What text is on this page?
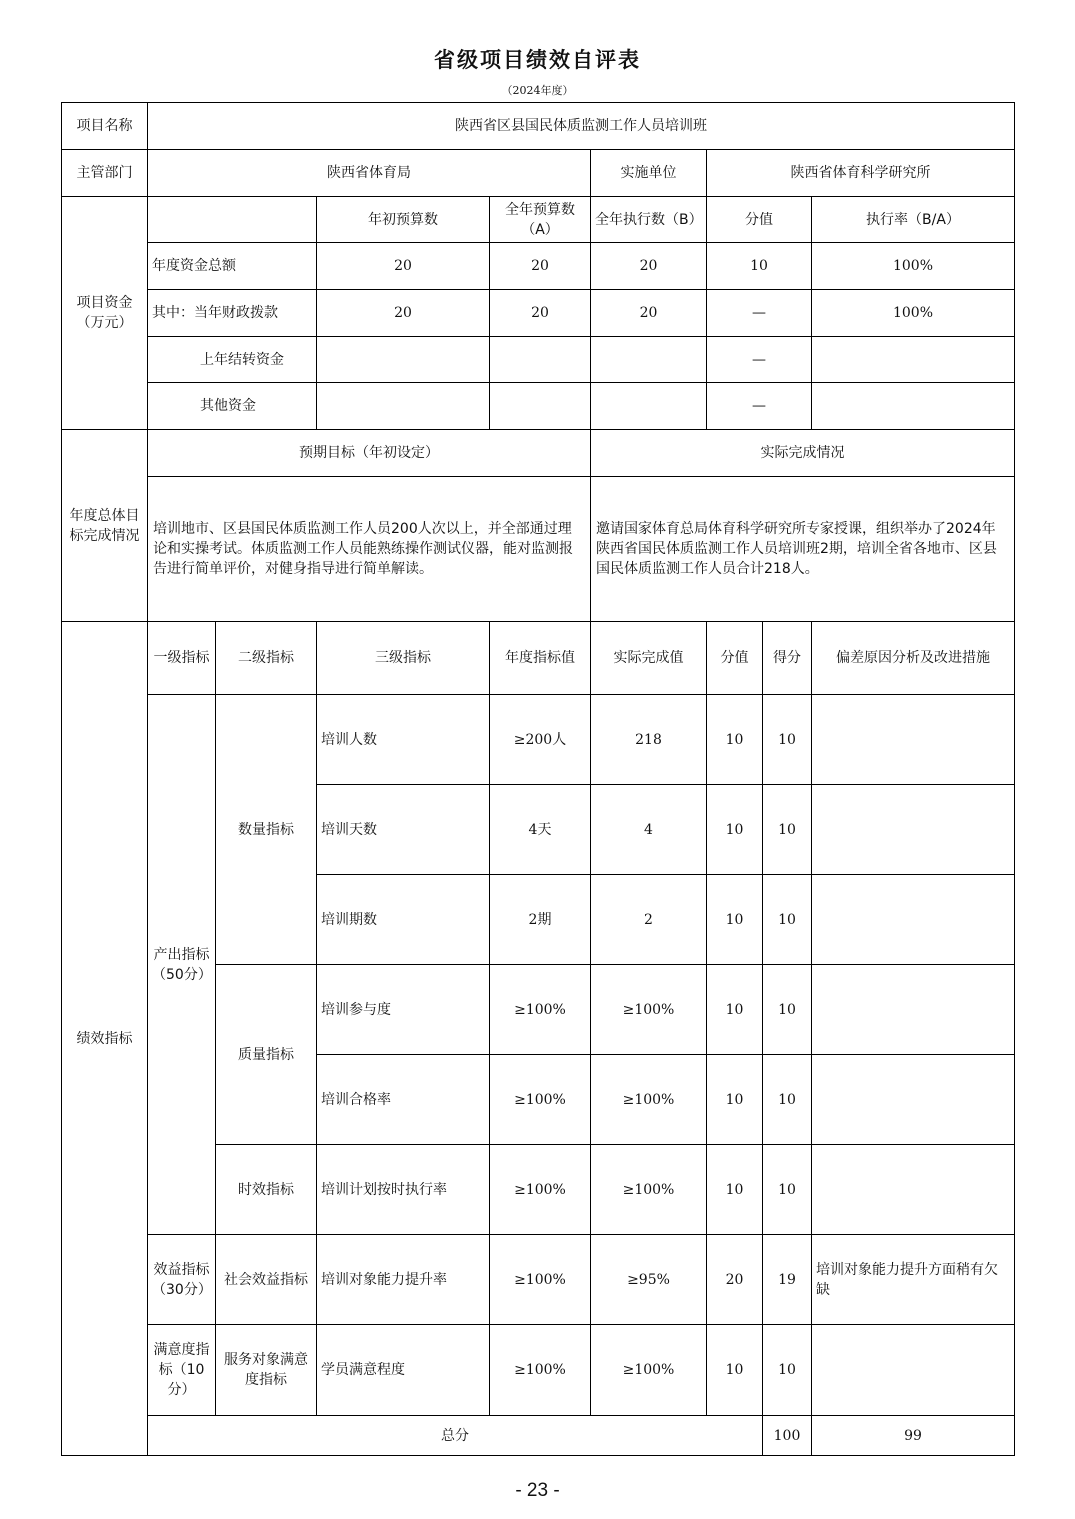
省级项目绩效自评表
（2024年度）
项目名称	陕西省区县国民体质监测工作人员培训班								
主管部门	陕西省体育局				实施单位	陕西省体育科学研究所			
项目资金（万元）			年初预算数	全年预算数（A）	全年执行数（B）	分值		执行率（B/A）	
	年度资金总额		20	20	20	10		100%	
	其中：当年财政拨款		20	20	20	—		100%	
	上年结转资金					—		
	其他资金					—		
年度总体目标完成情况	预期目标（年初设定）				实际完成情况				
	培训地市、区县国民体质监测工作人员200人次以上，并全部通过理论和实操考试。体质监测工作人员能熟练操作测试仪器，能对监测报告进行简单评价，对健身指导进行简单解读。				邀请国家体育总局体育科学研究所专家授课，组织举办了2024年陕西省国民体质监测工作人员培训班2期，培训全省各地市、区县国民体质监测工作人员合计218人。				
绩效指标	一级指标	二级指标	三级指标	年度指标值	实际完成值	分值	得分	偏差原因分析及改进措施	
	产出指标（50分）	数量指标	培训人数	≥200人	218	10	10		
			培训天数	4天	4	10	10		
			培训期数	2期	2	10	10		
		质量指标	培训参与度	≥100%	≥100%	10	10		
			培训合格率	≥100%	≥100%	10	10		
		时效指标	培训计划按时执行率	≥100%	≥100%	10	10		
	效益指标（30分）	社会效益指标	培训对象能力提升率	≥100%	≥95%	20	19	培训对象能力提升方面稍有欠缺	
	满意度指标（10分）	服务对象满意度指标	学员满意程度	≥100%	≥100%	10	10		
	总分						100	99	
- 23 -
